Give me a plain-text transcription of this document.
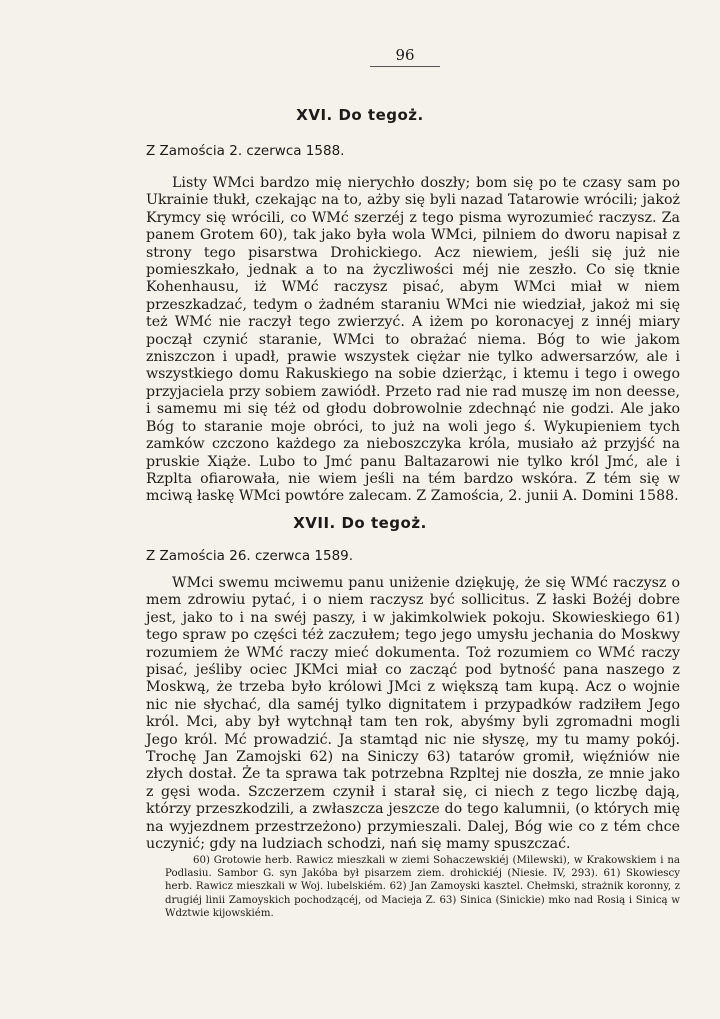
96
XVI. Do tegoż.
Z Zamościa 2. czerwca 1588.
Listy WMci bardzo mię nierychło doszły; bom się po te czasy sam po Ukrainie tłukł, czekając na to, ażby się byli nazad Tatarowie wrócili; jakoż Krymcy się wrócili, co WMć szerzéj z tego pisma wyrozumieć raczysz. Za panem Grotem 60), tak jako była wola WMci, pilniem do dworu napisał z strony tego pisarstwa Drohickiego. Acz niewiem, jeśli się już nie pomieszkało, jednak a to na życzliwości méj nie zeszło. Co się tknie Kohenhausu, iż WMć raczysz pisać, abym WMci miał w niem przeszkadzać, tedym o żadném staraniu WMci nie wiedział, jakoż mi się też WMć nie raczył tego zwierzyć. A iżem po koronacyej z innéj miary począł czynić staranie, WMci to obrażać niema. Bóg to wie jakom zniszczon i upadł, prawie wszystek ciężar nie tylko adwersarzów, ale i wszystkiego domu Rakuskiego na sobie dzierżąc, i ktemu i tego i owego przyjaciela przy sobiem zawiódł. Przeto rad nie rad muszę im non deesse, i samemu mi się téż od głodu dobrowolnie zdechnąć nie godzi. Ale jako Bóg to staranie moje obróci, to już na woli jego ś. Wykupieniem tych zamków czczono każdego za nieboszczyka króla, musiało aż przyjść na pruskie Xiąże. Lubo to Jmć panu Baltazarowi nie tylko król Jmć, ale i Rzplta ofiarowała, nie wiem jeśli na tém bardzo wskóra. Z tém się w mciwą łaskę WMci powtóre zalecam. Z Zamościa, 2. junii A. Domini 1588.
XVII. Do tegoż.
Z Zamościa 26. czerwca 1589.
WMci swemu mciwemu panu uniżenie dziękuję, że się WMć raczysz o mem zdrowiu pytać, i o niem raczysz być sollicitus. Z łaski Bożéj dobre jest, jako to i na swéj paszy, i w jakimkolwiek pokoju. Skowieskiego 61) tego spraw po części téż zaczułem; tego jego umysłu jechania do Moskwy rozumiem że WMć raczy mieć dokumenta. Toż rozumiem co WMć raczy pisać, jeśliby ociec JKMci miał co zacząć pod bytność pana naszego z Moskwą, że trzeba było królowi JMci z większą tam kupą. Acz o wojnie nic nie słychać, dla saméj tylko dignitatem i przypadków radziłem Jego król. Mci, aby był wytchnął tam ten rok, abyśmy byli zgromadni mogli Jego król. Mć prowadzić. Ja stamtąd nic nie słyszę, my tu mamy pokój. Trochę Jan Zamojski 62) na Siniczy 63) tatarów gromił, więźniów nie złych dostał. Że ta sprawa tak potrzebna Rzpltej nie doszła, ze mnie jako z gęsi woda. Szczerzem czynił i starał się, ci niech z tego liczbę dają, którzy przeszkodzili, a zwłaszcza jeszcze do tego kalumnii, (o których mię na wyjezdnem przestrzeżono) przymieszali. Dalej, Bóg wie co z tém chce uczynić; gdy na ludziach schodzi, nań się mamy spuszczać.
60) Grotowie herb. Rawicz mieszkali w ziemi Sohaczewskiéj (Milewski), w Krakowskiem i na Podlasiu. Sambor G. syn Jakóba był pisarzem ziem. drohickiéj (Niesie. IV, 293). 61) Skowiescy herb. Rawicz mieszkali w Woj. lubelskiém. 62) Jan Zamoyski kasztel. Chełmski, strażnik koronny, z drugiéj linii Zamoyskich pochodzącéj, od Macieja Z. 63) Sinica (Sinickie) mko nad Rosią i Sinicą w Wdztwie kijowskiém.
